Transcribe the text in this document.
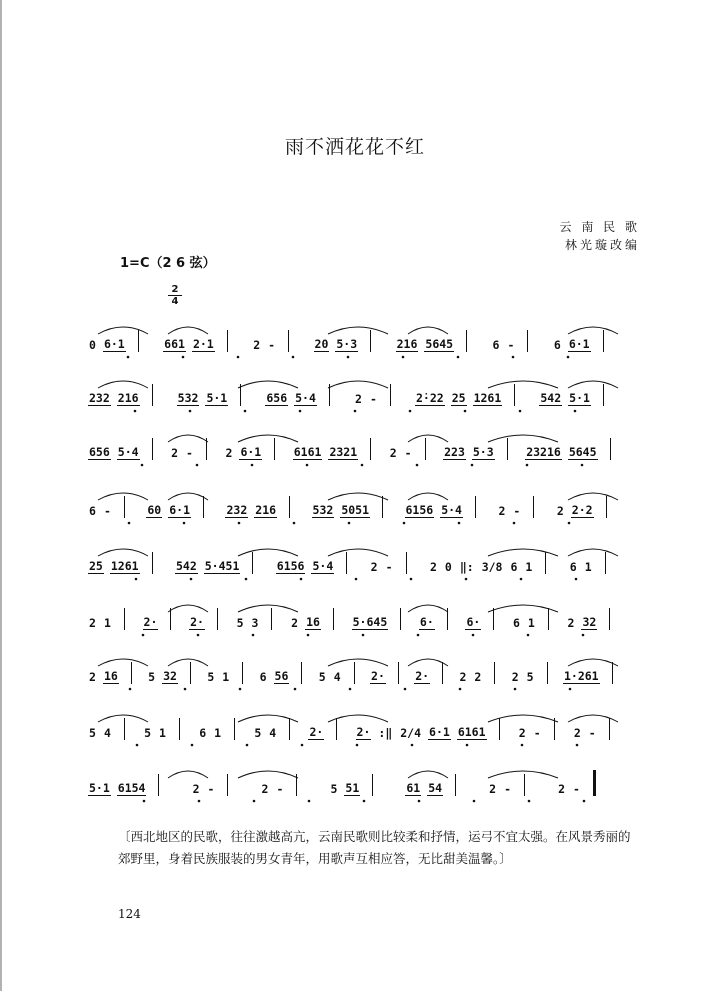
雨不洒花花不红
云 南 民 歌
林光璇改编
1=C（2 6 弦）
$\frac{2}{4}$
0 6·1	661 2·1	2 -	20 5·3	216 5645	6 -	6 6·1
232 216	532 5·1	656 5·4	2 -	2̇·22 25 1261	542 5·1
656 5·4	2 -	2 6·1	6161 2321	2 -	223 5·3	23216 5645
6 -	60 6·1	232 216	532 5051	6156 5·4	2 -	2 2·2
25 1261	542 5·451	6156 5·4	2 -	2 0 ‖: 3/8 6 1	6 1
2 1	2·	2·	5 3	2 16	5·645	6·	6·	6 1	2 32
2 16	5 32	5 1	6 56	5 4	2·	2·	2 2	2 5	1·261
5 4	5 1	6 1	5 4	2·	2· :‖ 2/4 6·1 6161	2 -	2 -
5·1 6154	2 -	2 -	5 51	61 54	2 -	2 -
〔西北地区的民歌，往往激越高亢，云南民歌则比较柔和抒情，运弓不宜太强。在风景秀丽的郊野里，身着民族服装的男女青年，用歌声互相应答，无比甜美温馨。〕
124
